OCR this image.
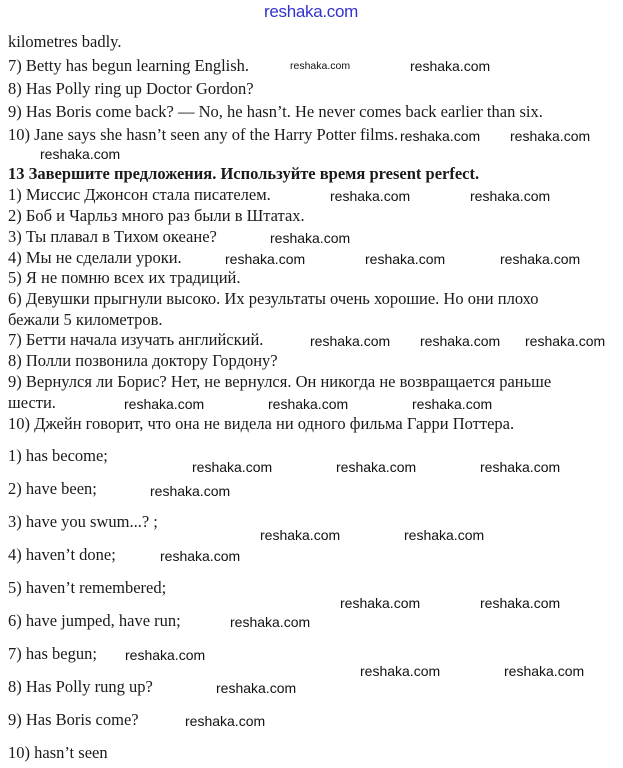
reshaka.com
kilometres badly.
7) Betty has begun learning English.
8) Has Polly ring up Doctor Gordon?
9) Has Boris come back? — No, he hasn’t. He never comes back earlier than six.
10) Jane says she hasn’t seen any of the Harry Potter films.
13 Завершите предложения. Используйте время present perfect.
1) Миссис Джонсон стала писателем.
2) Боб и Чарльз много раз были в Штатах.
3) Ты плавал в Тихом океане?
4) Мы не сделали уроки.
5) Я не помню всех их традиций.
6) Девушки прыгнули высоко. Их результаты очень хорошие. Но они плохо
бежали 5 километров.
7) Бетти начала изучать английский.
8) Полли позвонила доктору Гордону?
9) Вернулся ли Борис? Нет, не вернулся. Он никогда не возвращается раньше
шести.
10) Джейн говорит, что она не видела ни одного фильма Гарри Поттера.
1) has become;
2) have been;
3) have you swum...? ;
4) haven’t done;
5) haven’t remembered;
6) have jumped, have run;
7) has begun;
8) Has Polly rung up?
9) Has Boris come?
10) hasn’t seen
reshaka.com	reshaka.com
reshaka.com reshaka.com
reshaka.com
reshaka.com	reshaka.com
reshaka.com
reshaka.com	reshaka.com	reshaka.com
reshaka.com reshaka.com reshaka.com
reshaka.com	reshaka.com	reshaka.com
reshaka.com	reshaka.com	reshaka.com
reshaka.com
reshaka.com	reshaka.com
reshaka.com
reshaka.com	reshaka.com
reshaka.com
reshaka.com
reshaka.com	reshaka.com
reshaka.com
reshaka.com
